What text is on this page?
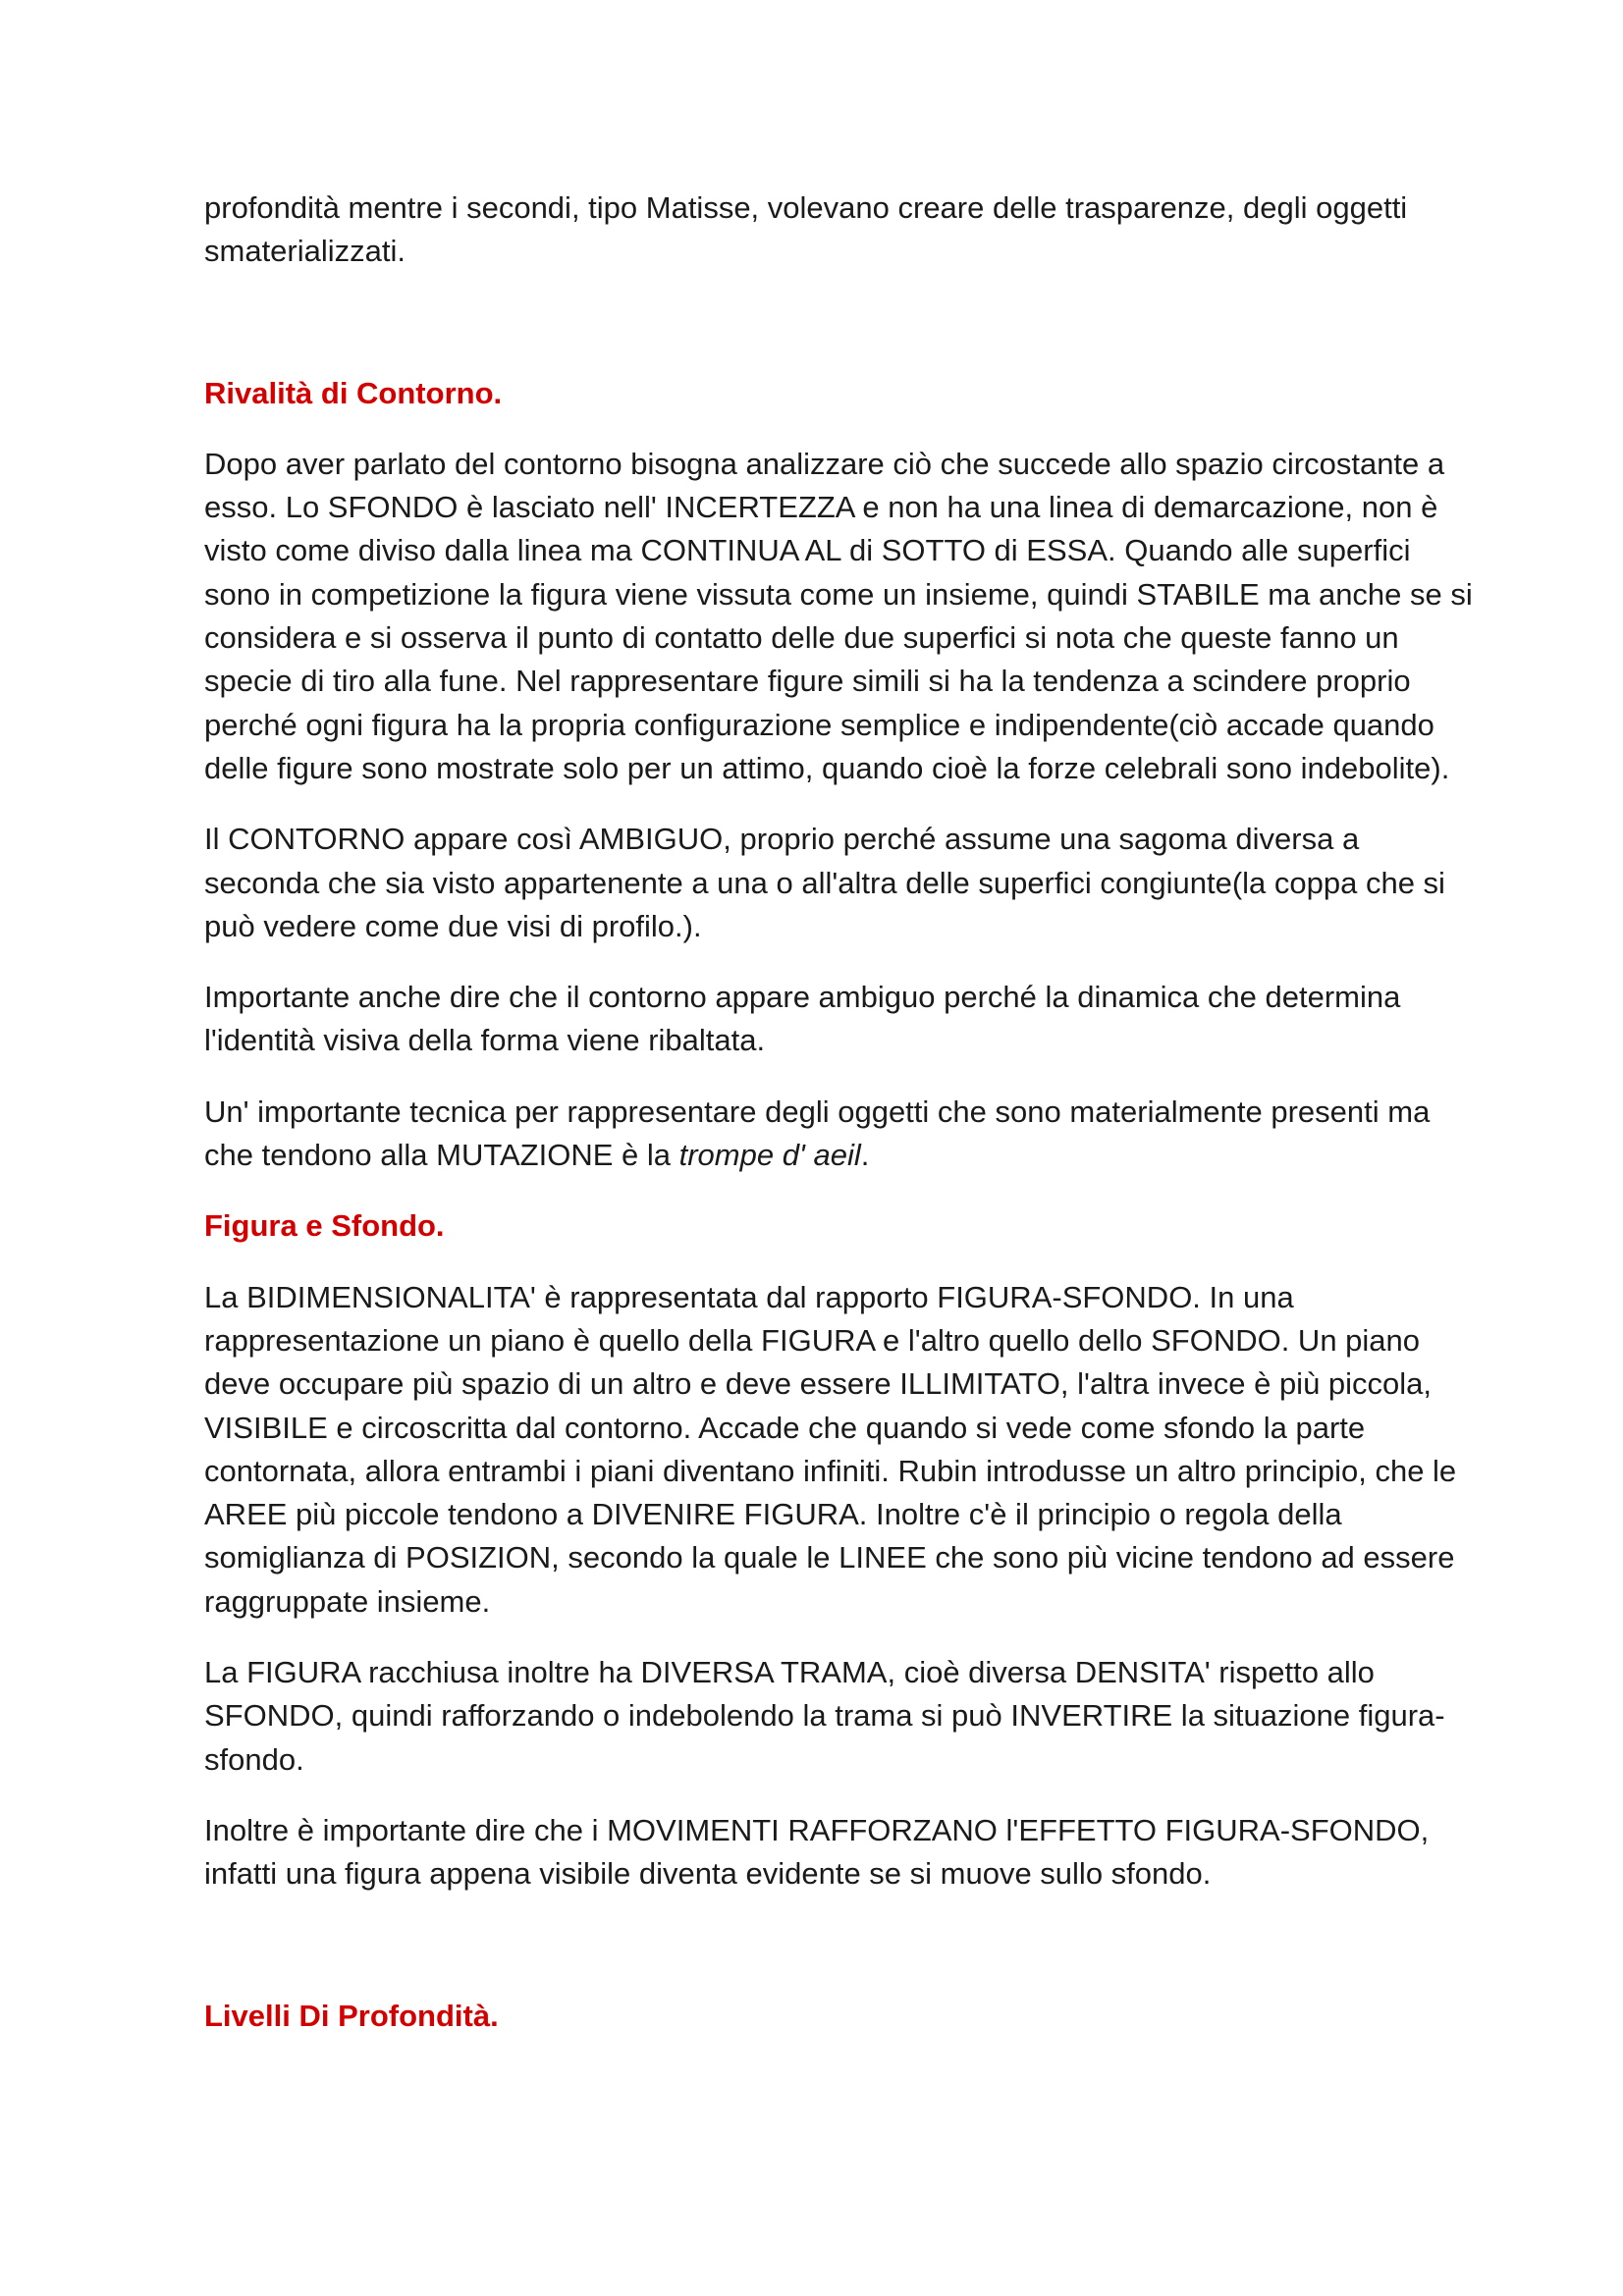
profondità mentre i secondi, tipo Matisse, volevano creare delle trasparenze, degli oggetti smaterializzati.

Rivalità di Contorno.

Dopo aver parlato del contorno bisogna analizzare ciò che succede allo spazio circostante a esso. Lo SFONDO è lasciato nell' INCERTEZZA e non ha una linea di demarcazione, non è visto come diviso dalla linea ma CONTINUA AL di SOTTO di ESSA. Quando alle superfici sono in competizione la figura viene vissuta come un insieme, quindi STABILE ma anche se si considera e si osserva il punto di contatto delle due superfici si nota che queste fanno un specie di tiro alla fune. Nel rappresentare figure simili si ha la tendenza a scindere proprio perché ogni figura ha la propria configurazione semplice e indipendente(ciò accade quando delle figure sono mostrate solo per un attimo, quando cioè la forze celebrali sono indebolite).

Il CONTORNO appare così AMBIGUO, proprio perché assume una sagoma diversa a seconda che sia visto appartenente a una o all'altra delle superfici congiunte(la coppa che si può vedere come due visi di profilo.).

Importante anche dire che il contorno appare ambiguo perché la dinamica che determina l'identità visiva della forma viene ribaltata.

Un' importante tecnica per rappresentare degli oggetti che sono materialmente presenti ma che tendono alla MUTAZIONE è la trompe d' aeil.

Figura e Sfondo.

La BIDIMENSIONALITA' è rappresentata dal rapporto FIGURA-SFONDO. In una rappresentazione un piano è quello della FIGURA e l'altro quello dello SFONDO. Un piano deve occupare più spazio di un altro e deve essere ILLIMITATO, l'altra invece è più piccola, VISIBILE e circoscritta dal contorno. Accade che quando si vede come sfondo la parte contornata, allora entrambi i piani diventano infiniti. Rubin introdusse un altro principio, che le AREE più piccole tendono a DIVENIRE FIGURA. Inoltre c'è il principio o regola della somiglianza di POSIZION, secondo la quale le LINEE che sono più vicine tendono ad essere raggruppate insieme.

La FIGURA racchiusa inoltre ha DIVERSA TRAMA, cioè diversa DENSITA' rispetto allo SFONDO, quindi rafforzando o indebolendo la trama si può INVERTIRE la situazione figura-sfondo.

Inoltre è importante dire che i MOVIMENTI RAFFORZANO l'EFFETTO FIGURA-SFONDO, infatti una figura appena visibile diventa evidente se si muove sullo sfondo.

Livelli Di Profondità.
